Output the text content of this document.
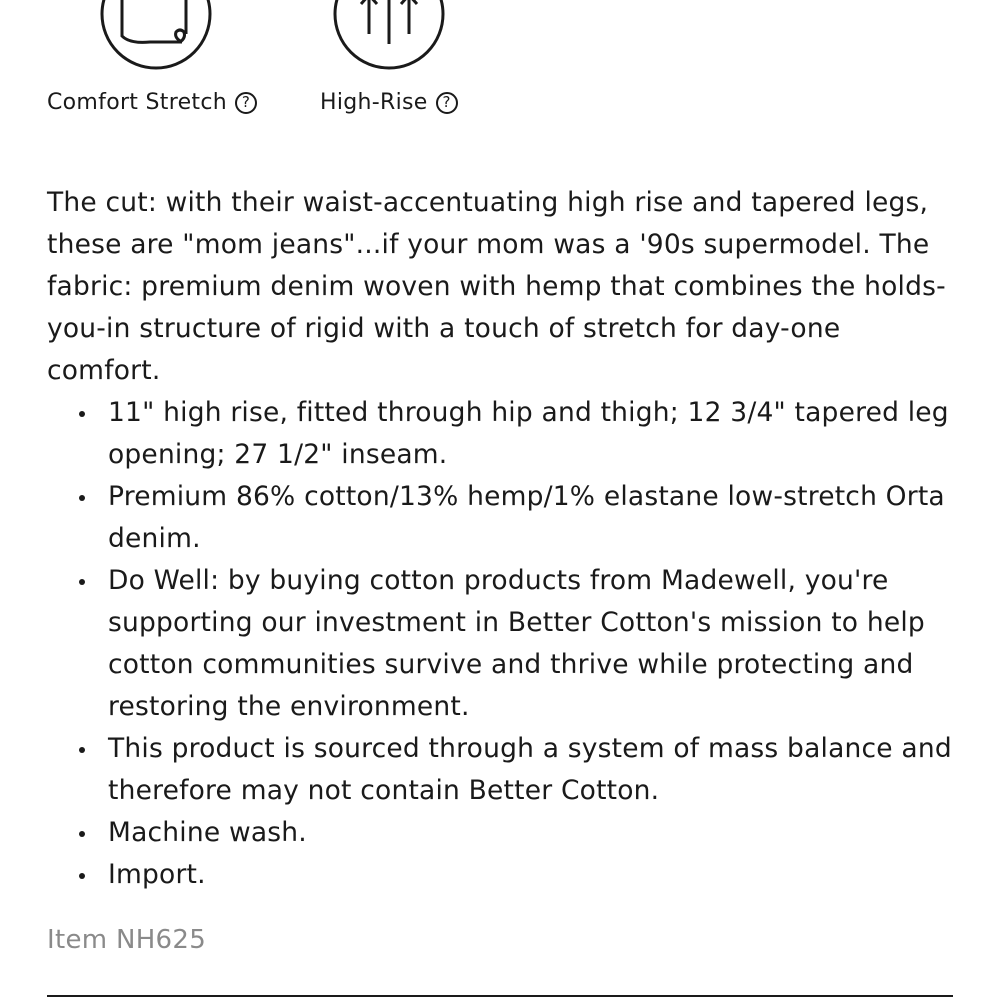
Comfort Stretch ?	High-Rise ?

The cut: with their waist-accentuating high rise and tapered legs, these are "mom jeans"...if your mom was a '90s supermodel. The fabric: premium denim woven with hemp that combines the holds-you-in structure of rigid with a touch of stretch for day-one comfort.

11" high rise, fitted through hip and thigh; 12 3/4" tapered leg opening; 27 1/2" inseam.
Premium 86% cotton/13% hemp/1% elastane low-stretch Orta denim.
Do Well: by buying cotton products from Madewell, you're supporting our investment in Better Cotton's mission to help cotton communities survive and thrive while protecting and restoring the environment.
This product is sourced through a system of mass balance and therefore may not contain Better Cotton.
Machine wash.
Import.
Item NH625
